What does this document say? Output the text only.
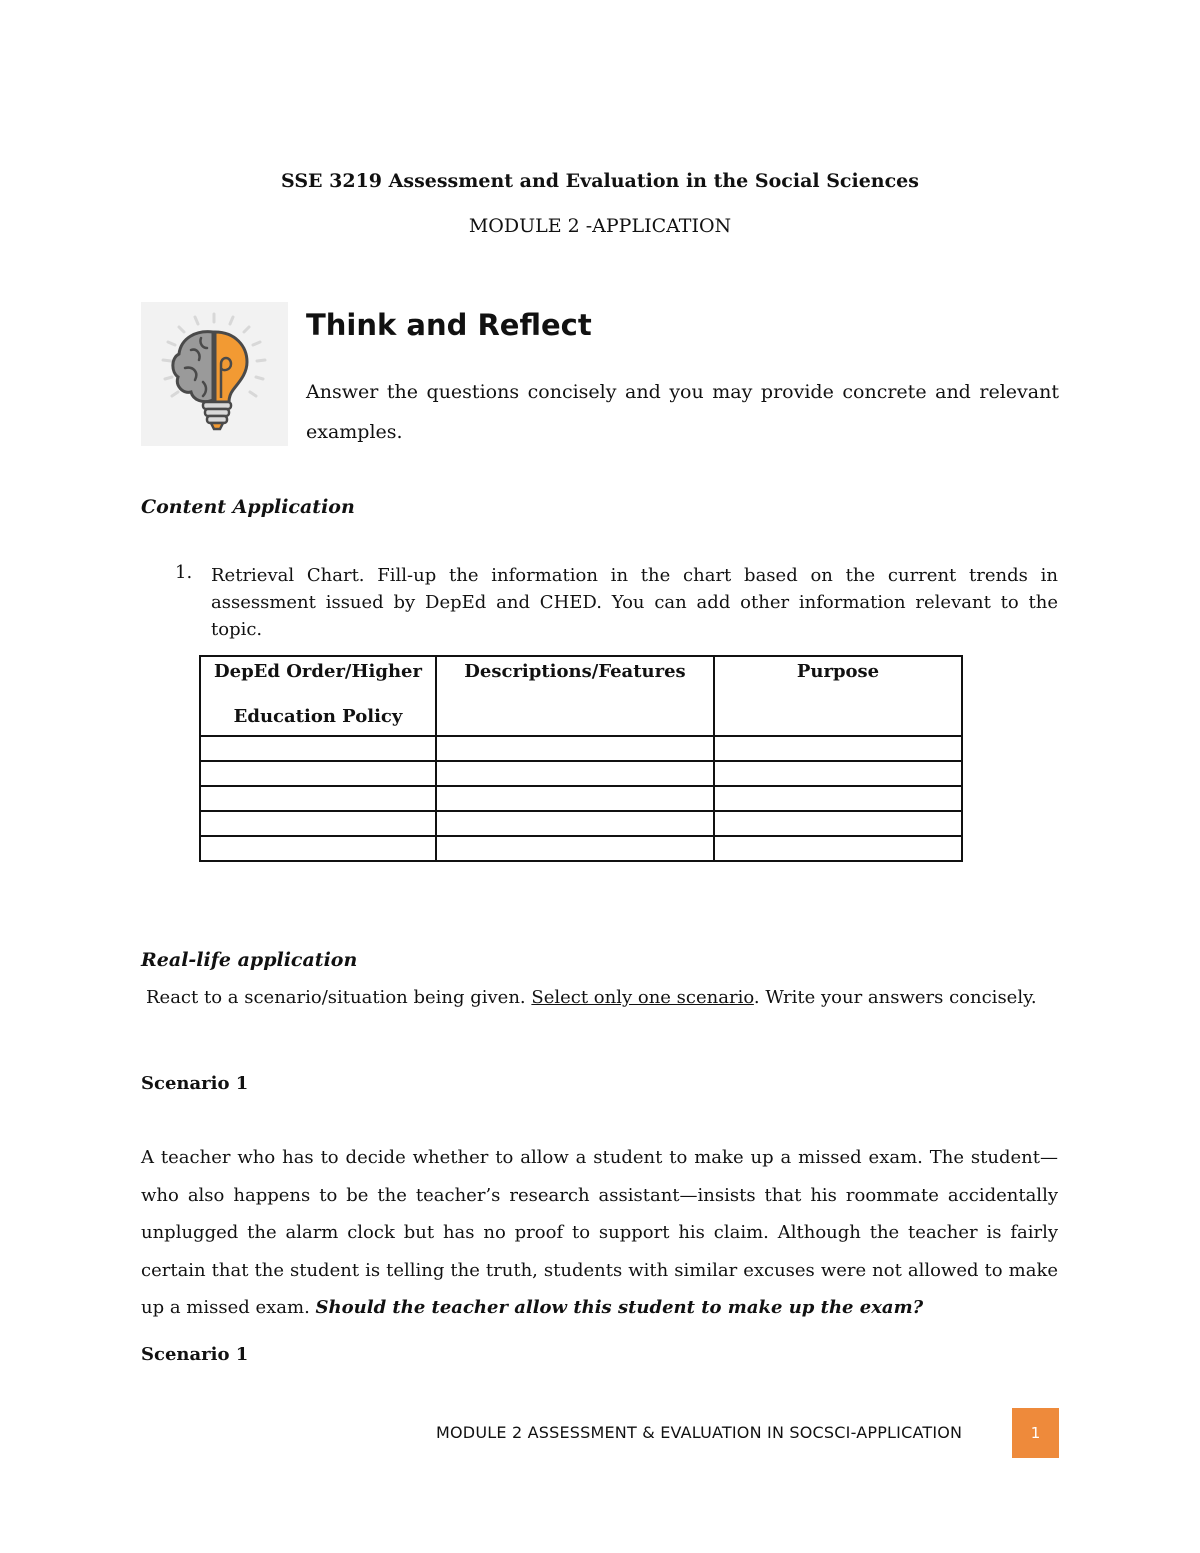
SSE 3219 Assessment and Evaluation in the Social Sciences
MODULE 2 -APPLICATION
Think and Reflect
Answer the questions concisely and you may provide concrete and relevant examples.
Content Application
1. Retrieval Chart. Fill-up the information in the chart based on the current trends in assessment issued by DepEd and CHED. You can add other information relevant to the topic.
DepEd Order/Higher
Education Policy	Descriptions/Features	Purpose

Real-life application
React to a scenario/situation being given. Select only one scenario. Write your answers concisely.
Scenario 1
A teacher who has to decide whether to allow a student to make up a missed exam. The student—who also happens to be the teacher’s research assistant—insists that his roommate accidentally unplugged the alarm clock but has no proof to support his claim. Although the teacher is fairly certain that the student is telling the truth, students with similar excuses were not allowed to make up a missed exam. Should the teacher allow this student to make up the exam?
Scenario 1
MODULE 2 ASSESSMENT & EVALUATION IN SOCSCI-APPLICATION	1
